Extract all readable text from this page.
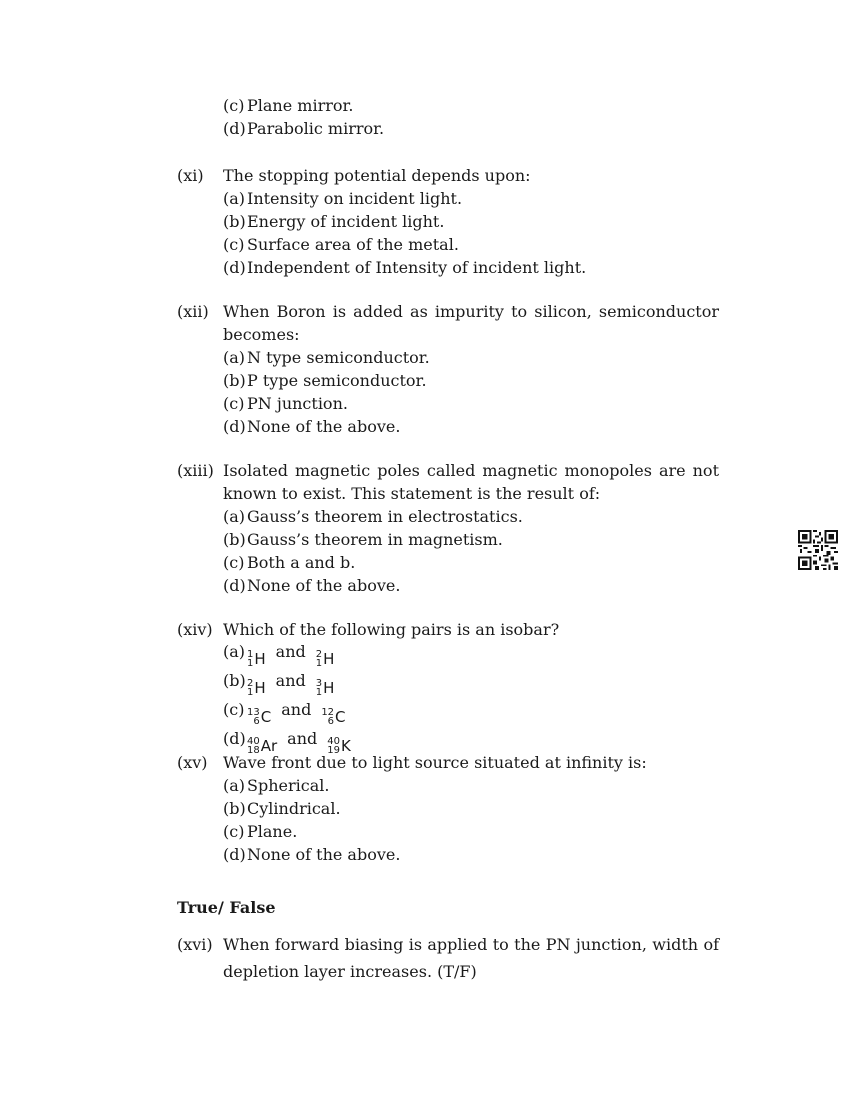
(c) Plane mirror.
(d)Parabolic mirror.
(xi) The stopping potential depends upon:
(a) Intensity on incident light.
(b)Energy of incident light.
(c) Surface area of the metal.
(d)Independent of Intensity of incident light.
(xii) When Boron is added as impurity to silicon, semiconductor becomes:
(a) N type semiconductor.
(b)P type semiconductor.
(c) PN junction.
(d)None of the above.
(xiii) Isolated magnetic poles called magnetic monopoles are not known to exist. This statement is the result of:
(a) Gauss’s theorem in electrostatics.
(b)Gauss’s theorem in magnetism.
(c) Both a and b.
(d)None of the above.
(xiv) Which of the following pairs is an isobar?
(a) 1
1 H and 2
1 H
(b) 2
1 H and 3
1 H
(c) 13
6 C and 12
6 C
(d) 40
18 Ar and 40
19 K
(xv) Wave front due to light source situated at infinity is:
(a) Spherical.
(b)Cylindrical.
(c) Plane.
(d)None of the above.
True/ False
(xvi) When forward biasing is applied to the PN junction, width of depletion layer increases. (T/F)
